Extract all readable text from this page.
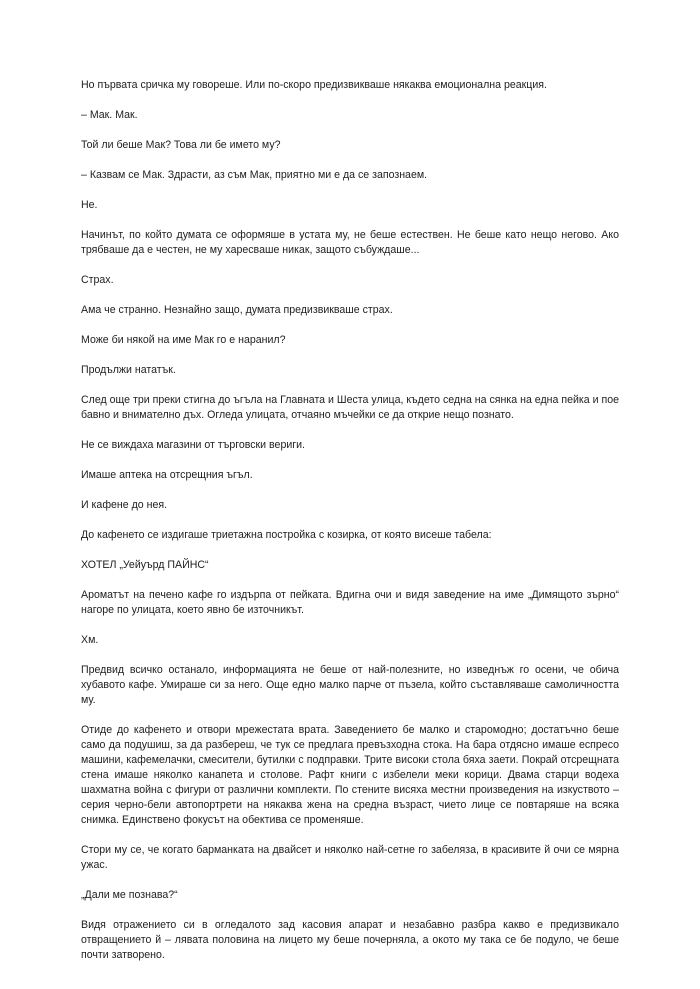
Но първата сричка му говореше. Или по-скоро предизвикваше някаква емоционална реакция.

– Мак. Мак.

Той ли беше Мак? Това ли бе името му?

– Казвам се Мак. Здрасти, аз съм Мак, приятно ми е да се запознаем.

Не.

Начинът, по който думата се оформяше в устата му, не беше естествен. Не беше като нещо негово. Ако трябваше да е честен, не му харесваше никак, защото събуждаше...

Страх.

Ама че странно. Незнайно защо, думата предизвикваше страх.

Може би някой на име Мак го е наранил?

Продължи нататък.

След още три преки стигна до ъгъла на Главната и Шеста улица, където седна на сянка на една пейка и пое бавно и внимателно дъх. Огледа улицата, отчаяно мъчейки се да открие нещо познато.

Не се виждаха магазини от търговски вериги.

Имаше аптека на отсрещния ъгъл.

И кафене до нея.

До кафенето се издигаше триетажна постройка с козирка, от която висеше табела:

ХОТЕЛ „Уейуърд ПАЙНС“

Ароматът на печено кафе го издърпа от пейката. Вдигна очи и видя заведение на име „Димящото зърно“ нагоре по улицата, което явно бе източникът.

Хм.

Предвид всичко останало, информацията не беше от най-полезните, но изведнъж го осени, че обича хубавото кафе. Умираше си за него. Още едно малко парче от пъзела, който съставляваше самоличността му.

Отиде до кафенето и отвори мрежестата врата. Заведението бе малко и старомодно; достатъчно беше само да подушиш, за да разбереш, че тук се предлага превъзходна стока. На бара отдясно имаше еспресо машини, кафемелачки, смесители, бутилки с подправки. Трите високи стола бяха заети. Покрай отсрещната стена имаше няколко канапета и столове. Рафт книги с избелели меки корици. Двама старци водеха шахматна война с фигури от различни комплекти. По стените висяха местни произведения на изкуството – серия черно-бели автопортрети на някаква жена на средна възраст, чието лице се повтаряше на всяка снимка. Единствено фокусът на обектива се променяше.

Стори му се, че когато барманката на двайсет и няколко най-сетне го забеляза, в красивите й очи се мярна ужас.

„Дали ме познава?“

Видя отражението си в огледалото зад касовия апарат и незабавно разбра какво е предизвикало отвращението й – лявата половина на лицето му беше почерняла, а окото му така се бе подуло, че беше почти затворено.
